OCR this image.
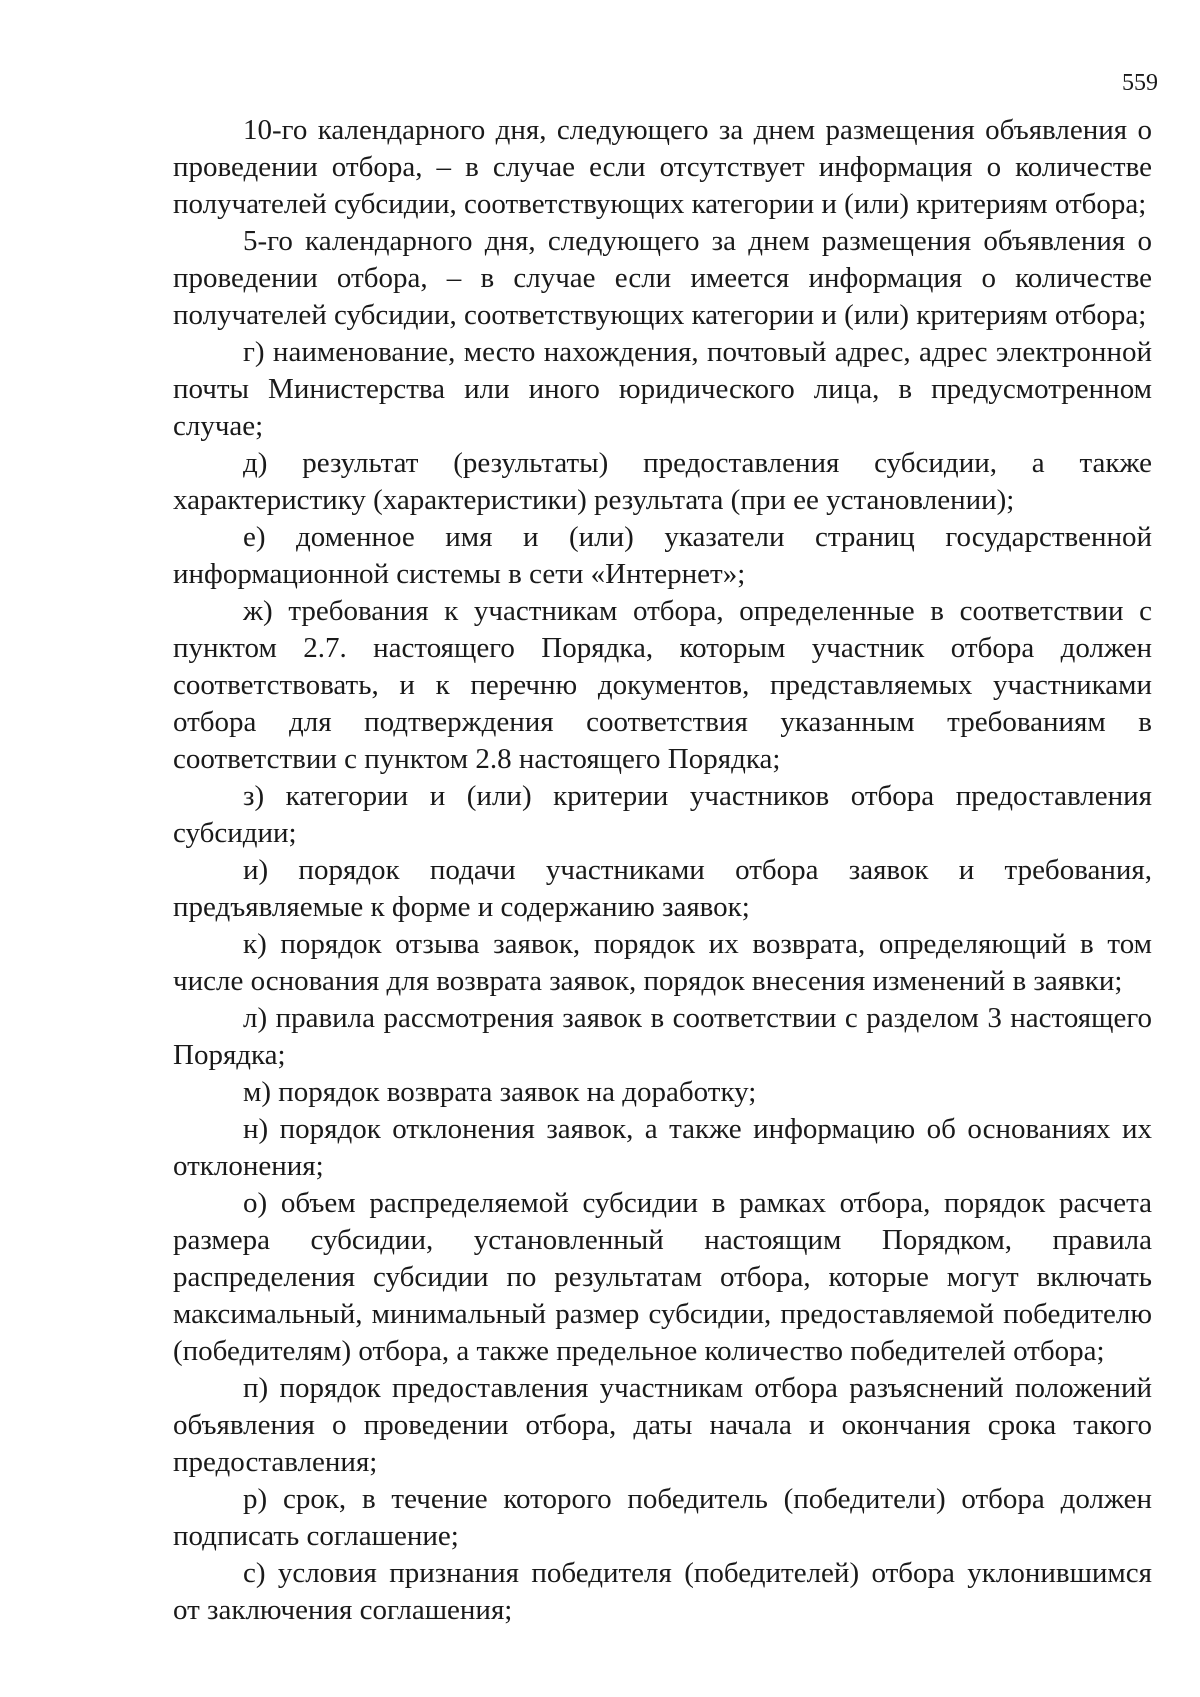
559

10-го календарного дня, следующего за днем размещения объявления о проведении отбора, – в случае если отсутствует информация о количестве получателей субсидии, соответствующих категории и (или) критериям отбора;

5-го календарного дня, следующего за днем размещения объявления о проведении отбора, – в случае если имеется информация о количестве получателей субсидии, соответствующих категории и (или) критериям отбора;

г) наименование, место нахождения, почтовый адрес, адрес электронной почты Министерства или иного юридического лица, в предусмотренном случае;

д) результат (результаты) предоставления субсидии, а также характеристику (характеристики) результата (при ее установлении);

е) доменное имя и (или) указатели страниц государственной информационной системы в сети «Интернет»;

ж) требования к участникам отбора, определенные в соответствии с пунктом 2.7. настоящего Порядка, которым участник отбора должен соответствовать, и к перечню документов, представляемых участниками отбора для подтверждения соответствия указанным требованиям в соответствии с пунктом 2.8 настоящего Порядка;

з) категории и (или) критерии участников отбора предоставления субсидии;

и) порядок подачи участниками отбора заявок и требования, предъявляемые к форме и содержанию заявок;

к) порядок отзыва заявок, порядок их возврата, определяющий в том числе основания для возврата заявок, порядок внесения изменений в заявки;

л) правила рассмотрения заявок в соответствии с разделом 3 настоящего Порядка;

м) порядок возврата заявок на доработку;

н) порядок отклонения заявок, а также информацию об основаниях их отклонения;

о) объем распределяемой субсидии в рамках отбора, порядок расчета размера субсидии, установленный настоящим Порядком, правила распределения субсидии по результатам отбора, которые могут включать максимальный, минимальный размер субсидии, предоставляемой победителю (победителям) отбора, а также предельное количество победителей отбора;

п) порядок предоставления участникам отбора разъяснений положений объявления о проведении отбора, даты начала и окончания срока такого предоставления;

р) срок, в течение которого победитель (победители) отбора должен подписать соглашение;

с) условия признания победителя (победителей) отбора уклонившимся от заключения соглашения;
